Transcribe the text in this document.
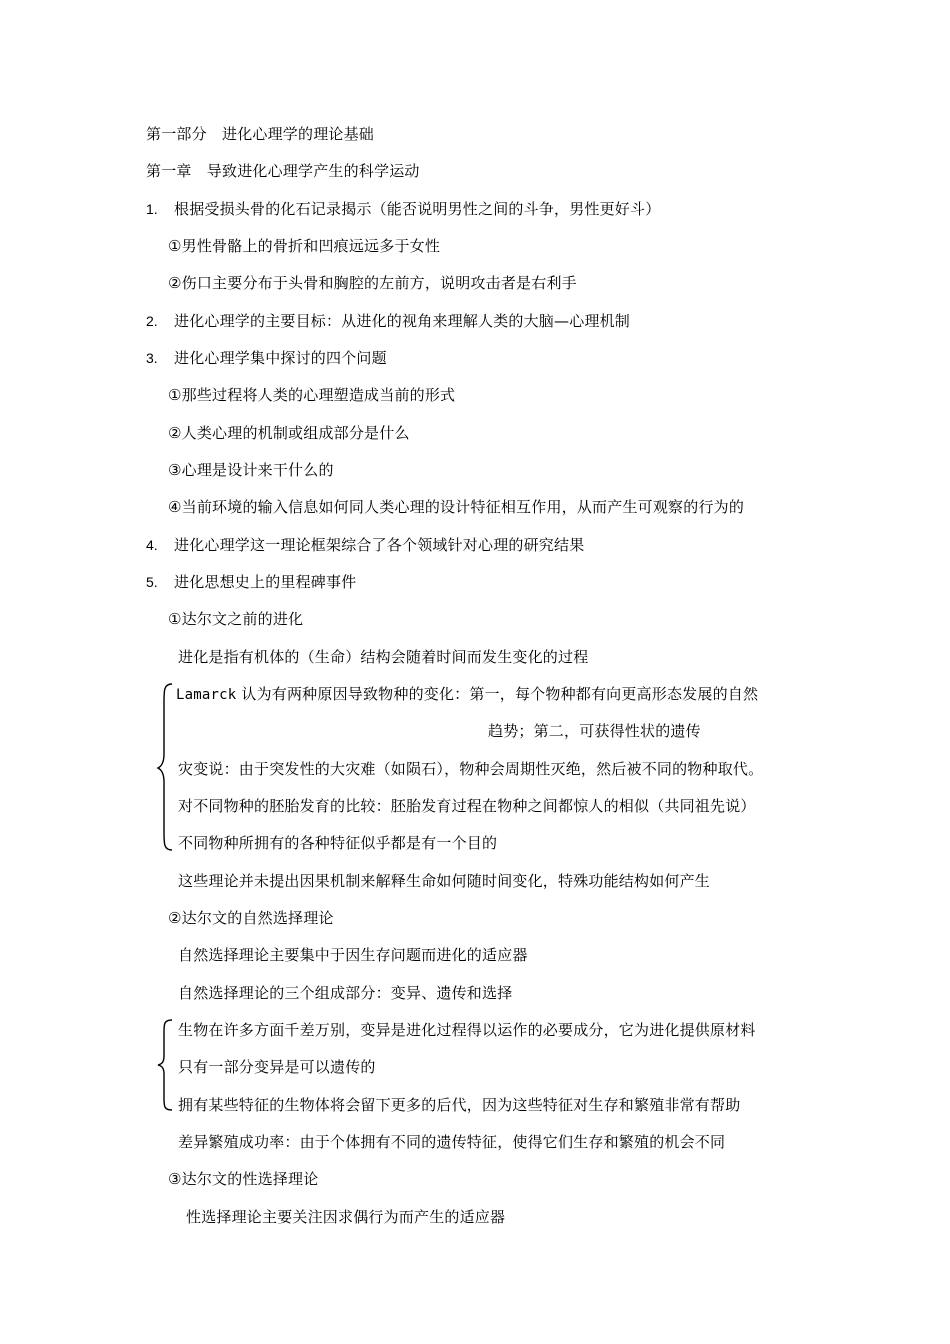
第一部分　进化心理学的理论基础
第一章　导致进化心理学产生的科学运动
1. 根据受损头骨的化石记录揭示（能否说明男性之间的斗争，男性更好斗）
①男性骨骼上的骨折和凹痕远远多于女性
②伤口主要分布于头骨和胸腔的左前方，说明攻击者是右利手
2. 进化心理学的主要目标：从进化的视角来理解人类的大脑—心理机制
3. 进化心理学集中探讨的四个问题
①那些过程将人类的心理塑造成当前的形式
②人类心理的机制或组成部分是什么
③心理是设计来干什么的
④当前环境的输入信息如何同人类心理的设计特征相互作用，从而产生可观察的行为的
4. 进化心理学这一理论框架综合了各个领域针对心理的研究结果
5. 进化思想史上的里程碑事件
①达尔文之前的进化
进化是指有机体的（生命）结构会随着时间而发生变化的过程
Lamarck 认为有两种原因导致物种的变化：第一，每个物种都有向更高形态发展的自然
趋势；第二，可获得性状的遗传
灾变说：由于突发性的大灾难（如陨石），物种会周期性灭绝，然后被不同的物种取代。
对不同物种的胚胎发育的比较：胚胎发育过程在物种之间都惊人的相似（共同祖先说）
不同物种所拥有的各种特征似乎都是有一个目的
这些理论并未提出因果机制来解释生命如何随时间变化，特殊功能结构如何产生
②达尔文的自然选择理论
自然选择理论主要集中于因生存问题而进化的适应器
自然选择理论的三个组成部分：变异、遗传和选择
生物在许多方面千差万别，变异是进化过程得以运作的必要成分，它为进化提供原材料
只有一部分变异是可以遗传的
拥有某些特征的生物体将会留下更多的后代，因为这些特征对生存和繁殖非常有帮助
差异繁殖成功率：由于个体拥有不同的遗传特征，使得它们生存和繁殖的机会不同
③达尔文的性选择理论
性选择理论主要关注因求偶行为而产生的适应器
